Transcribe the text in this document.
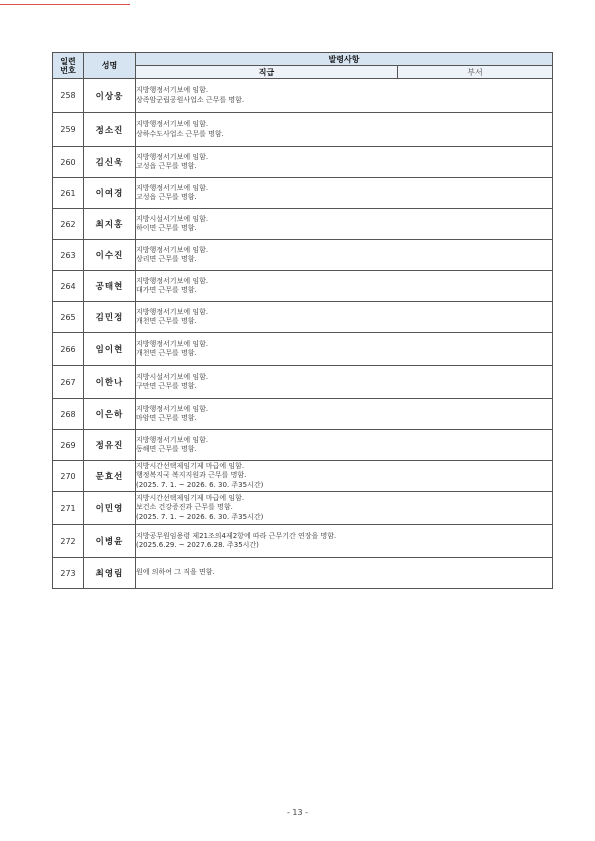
일련
번호	성명	발령사항	
		직급	부서
258	이상웅	지방행정서기보에 임함.
상족암군립공원사업소 근무를 명함.	

259	정소진	지방행정서기보에 임함.
상하수도사업소 근무를 명함.	

260	김신욱	지방행정서기보에 임함.
고성읍 근무를 명함.	

261	이여경	지방행정서기보에 임함.
고성읍 근무를 명함.	

262	최지홍	지방시설서기보에 임함.
하이면 근무를 명함.	

263	이수진	지방행정서기보에 임함.
상리면 근무를 명함.	

264	공태현	지방행정서기보에 임함.
대가면 근무를 명함.	

265	김민정	지방행정서기보에 임함.
개천면 근무를 명함.	

266	임이현	지방행정서기보에 임함.
개천면 근무를 명함.	

267	이한나	지방시설서기보에 임함.
구만면 근무를 명함.	

268	이은하	지방행정서기보에 임함.
마암면 근무를 명함.	

269	정유진	지방행정서기보에 임함.
동해면 근무를 명함.	

270	문효선	지방시간선택제임기제 마급에 임함.
행정복지국 복지지원과 근무를 명함.
(2025. 7. 1. ~ 2026. 6. 30. 주35시간)	

271	이민영	지방시간선택제임기제 마급에 임함.
보건소 건강증진과 근무를 명함.
(2025. 7. 1. ~ 2026. 6. 30. 주35시간)	

272	이병윤	지방공무원임용령 제21조의4제2항에 따라 근무기간 연장을 명함.
(2025.6.29. ~ 2027.6.28. 주35시간)	

273	최영림	원에 의하여 그 직을 면함.	
- 13 -
